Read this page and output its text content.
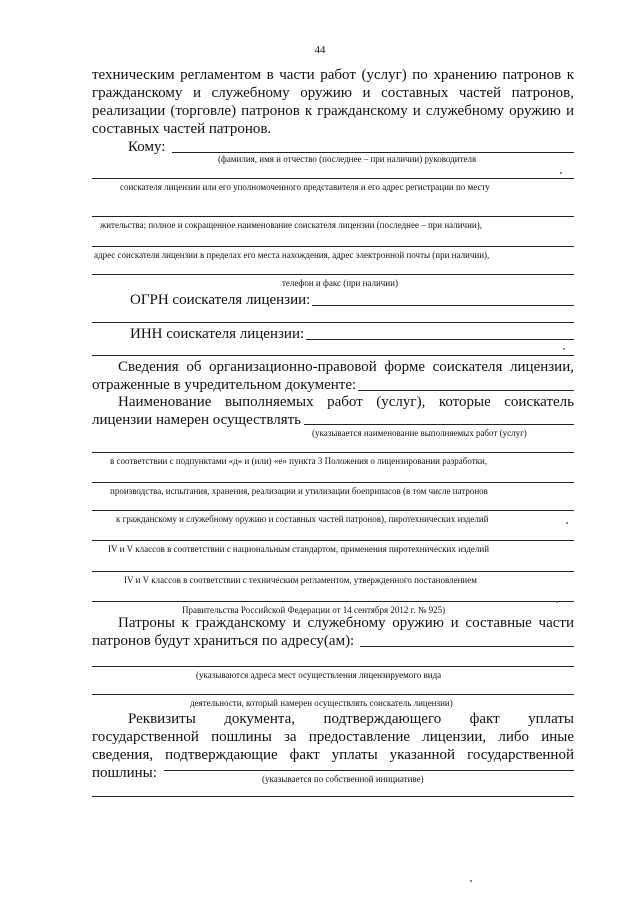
44
техническим регламентом в части работ (услуг) по хранению патронов к
гражданскому и служебному оружию и составных частей патронов,
реализации (торговле) патронов к гражданскому и служебному оружию и
составных частей патронов.
Кому:
(фамилия, имя и отчество (последнее – при наличии) руководителя
соискателя лицензии или его уполномоченного представителя и его адрес регистрации по месту
жительства; полное и сокращенное наименование соискателя лицензии (последнее – при наличии),
адрес соискателя лицензии в пределах его места нахождения, адрес электронной почты (при наличии),
телефон и факс (при наличии)
ОГРН соискателя лицензии:
ИНН соискателя лицензии:
Сведения об организационно-правовой форме соискателя лицензии,
отраженные в учредительном документе:
Наименование выполняемых работ (услуг), которые соискатель
лицензии намерен осуществлять
(указывается наименование выполняемых работ (услуг)
в соответствии с подпунктами «д» и (или) «е» пункта 3 Положения о лицензировании разработки,
производства, испытания, хранения, реализации и утилизации боеприпасов (в том числе патронов
к гражданскому и служебному оружию и составных частей патронов), пиротехнических изделий
IV и V классов в соответствии с национальным стандартом, применения пиротехнических изделий
IV и V классов в соответствии с техническим регламентом, утвержденного постановлением
Правительства Российской Федерации от 14 сентября 2012 г. № 925)
Патроны к гражданскому и служебному оружию и составные части
патронов будут храниться по адресу(ам):
(указываются адреса мест осуществления лицензируемого вида
деятельности, который намерен осуществлять соискатель лицензии)
Реквизиты документа, подтверждающего факт уплаты
государственной пошлины за предоставление лицензии, либо иные
сведения, подтверждающие факт уплаты указанной государственной
пошлины:	(указывается по собственной инициативе)
